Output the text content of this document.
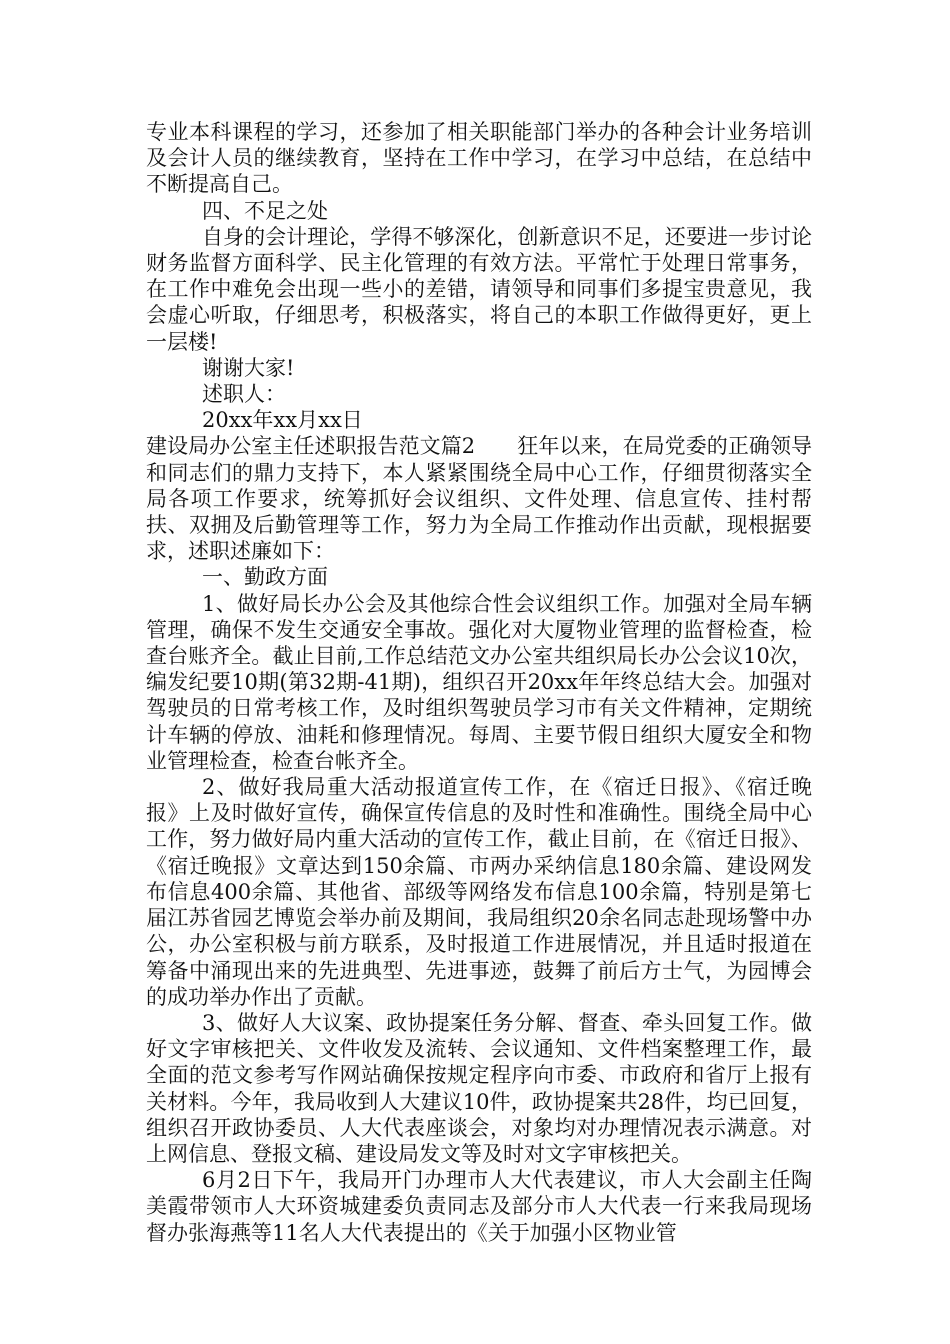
专业本科课程的学习，还参加了相关职能部门举办的各种会计业务培训及会计人员的继续教育，坚持在工作中学习，在学习中总结，在总结中不断提高自己。

四、不足之处

自身的会计理论，学得不够深化，创新意识不足，还要进一步讨论财务监督方面科学、民主化管理的有效方法。平常忙于处理日常事务，在工作中难免会出现一些小的差错，请领导和同事们多提宝贵意见，我会虚心听取，仔细思考，积极落实，将自己的本职工作做得更好，更上一层楼!

谢谢大家!

述职人：

20xx年xx月xx日

建设局办公室主任述职报告范文篇2　　狂年以来，在局党委的正确领导和同志们的鼎力支持下，本人紧紧围绕全局中心工作，仔细贯彻落实全局各项工作要求，统筹抓好会议组织、文件处理、信息宣传、挂村帮扶、双拥及后勤管理等工作，努力为全局工作推动作出贡献，现根据要求，述职述廉如下：

一、勤政方面

1、做好局长办公会及其他综合性会议组织工作。加强对全局车辆管理，确保不发生交通安全事故。强化对大厦物业管理的监督检查，检查台账齐全。截止目前,工作总结范文办公室共组织局长办公会议10次，编发纪要10期(第32期-41期)，组织召开20xx年年终总结大会。加强对驾驶员的日常考核工作，及时组织驾驶员学习市有关文件精神，定期统计车辆的停放、油耗和修理情况。每周、主要节假日组织大厦安全和物业管理检查，检查台帐齐全。

2、做好我局重大活动报道宣传工作，在《宿迁日报》、《宿迁晚报》上及时做好宣传，确保宣传信息的及时性和准确性。围绕全局中心工作，努力做好局内重大活动的宣传工作，截止目前，在《宿迁日报》、《宿迁晚报》文章达到150余篇、市两办采纳信息180余篇、建设网发布信息400余篇、其他省、部级等网络发布信息100余篇，特别是第七届江苏省园艺博览会举办前及期间，我局组织20余名同志赴现场警中办公，办公室积极与前方联系，及时报道工作进展情况，并且适时报道在筹备中涌现出来的先进典型、先进事迹，鼓舞了前后方士气，为园博会的成功举办作出了贡献。

3、做好人大议案、政协提案任务分解、督查、牵头回复工作。做好文字审核把关、文件收发及流转、会议通知、文件档案整理工作，最全面的范文参考写作网站确保按规定程序向市委、市政府和省厅上报有关材料。今年，我局收到人大建议10件，政协提案共28件，均已回复，组织召开政协委员、人大代表座谈会，对象均对办理情况表示满意。对上网信息、登报文稿、建设局发文等及时对文字审核把关。

6月2日下午，我局开门办理市人大代表建议，市人大会副主任陶美霞带领市人大环资城建委负责同志及部分市人大代表一行来我局现场督办张海燕等11名人大代表提出的《关于加强小区物业管
